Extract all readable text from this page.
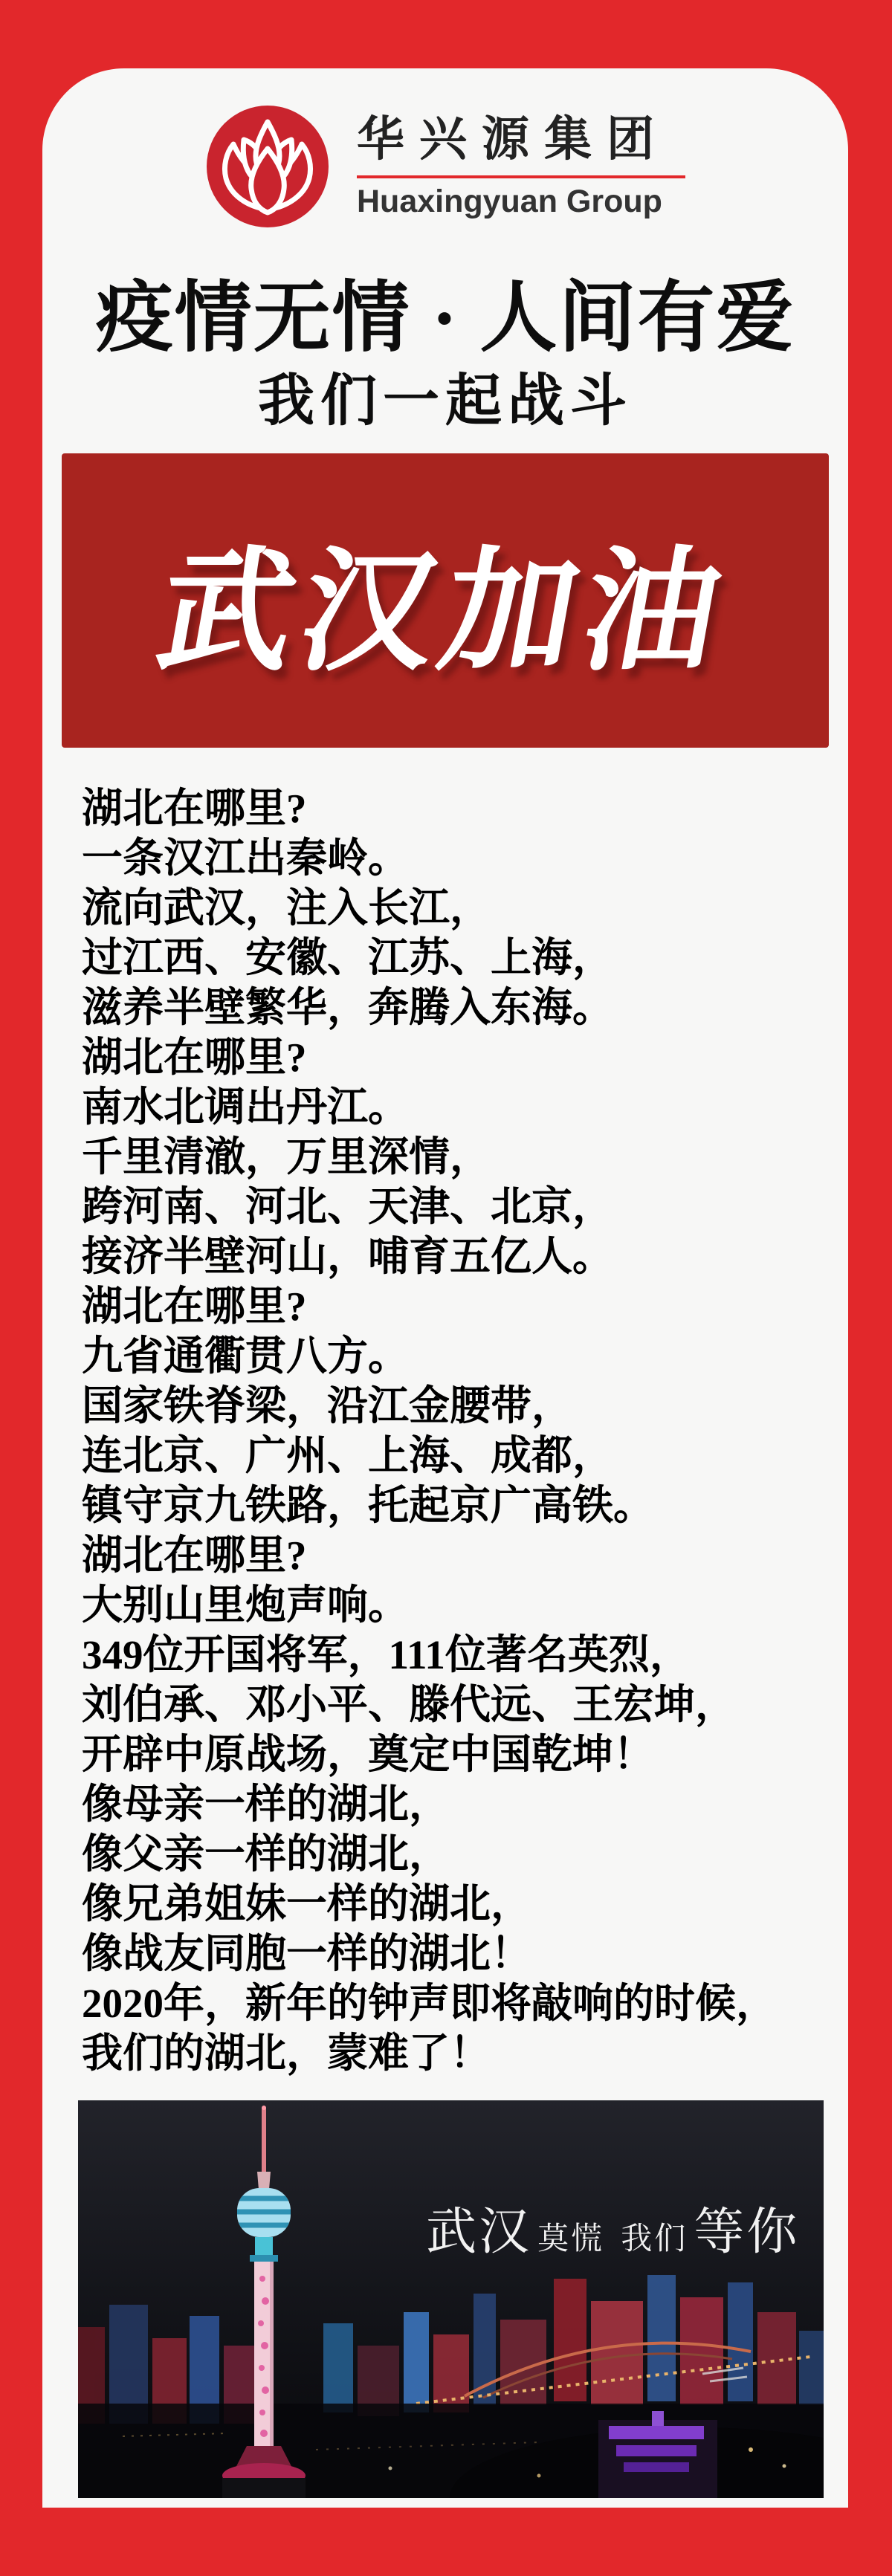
华兴源集团
Huaxingyuan Group
疫情无情 · 人间有爱
我们一起战斗
武汉加油
湖北在哪里?
一条汉江出秦岭。
流向武汉，注入长江，
过江西、安徽、江苏、上海，
滋养半壁繁华，奔腾入东海。
湖北在哪里?
南水北调出丹江。
千里清澈，万里深情，
跨河南、河北、天津、北京，
接济半壁河山，哺育五亿人。
湖北在哪里?
九省通衢贯八方。
国家铁脊梁，沿江金腰带，
连北京、广州、上海、成都，
镇守京九铁路，托起京广高铁。
湖北在哪里?
大别山里炮声响。
349位开国将军，111位著名英烈，
刘伯承、邓小平、滕代远、王宏坤，
开辟中原战场，奠定中国乾坤！
像母亲一样的湖北，
像父亲一样的湖北，
像兄弟姐妹一样的湖北，
像战友同胞一样的湖北！
2020年，新年的钟声即将敲响的时候，
我们的湖北，蒙难了！
武汉 莫慌 我们 等你
